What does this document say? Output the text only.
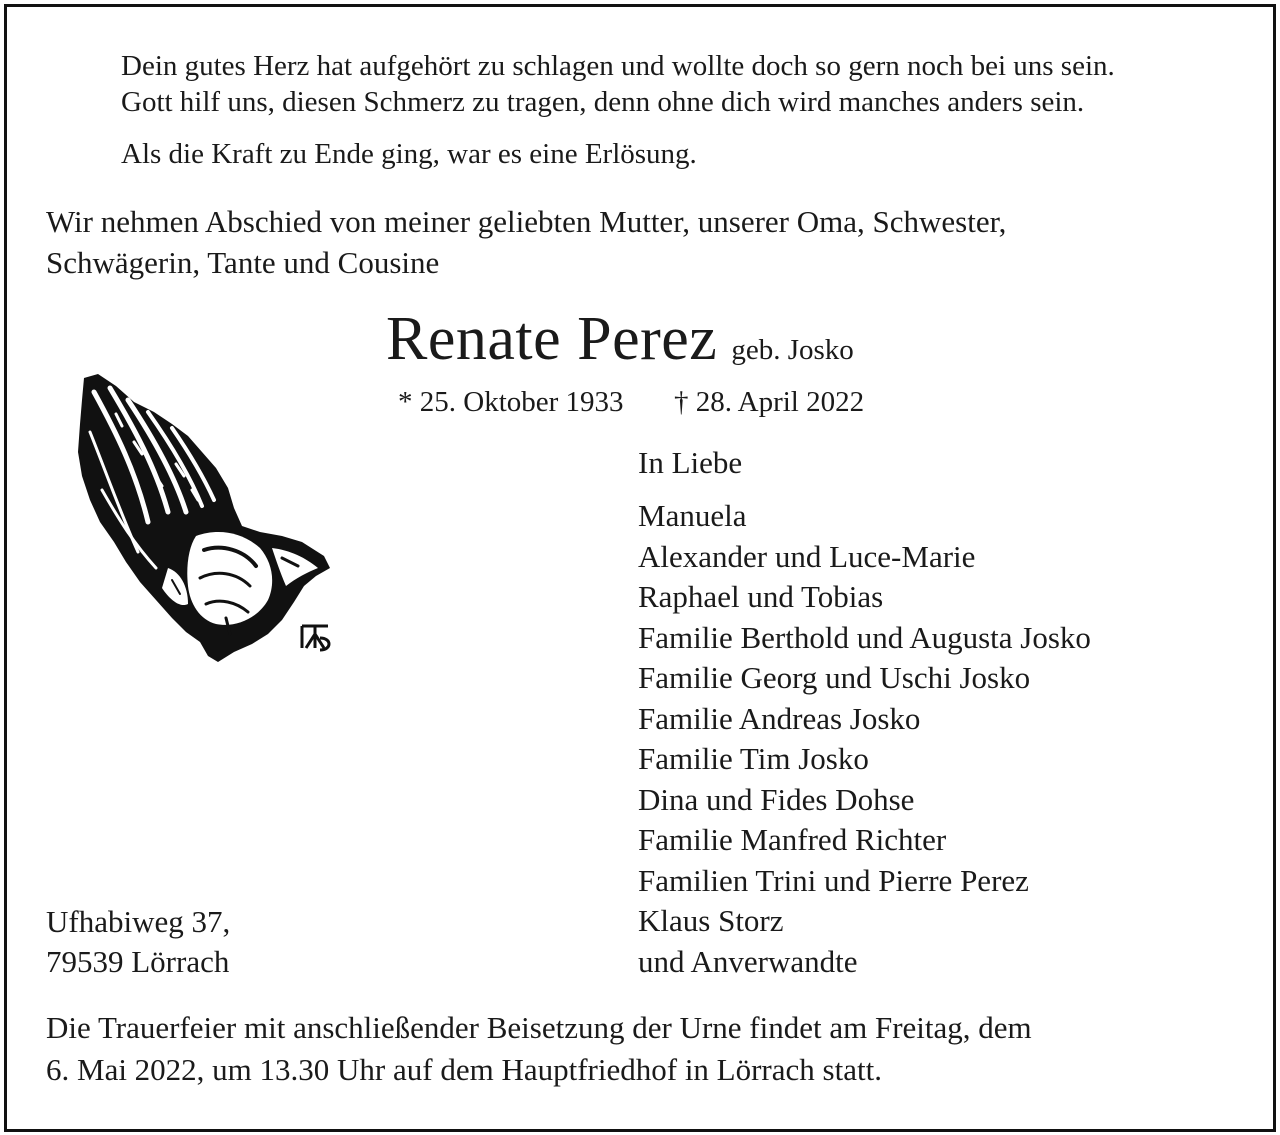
Dein gutes Herz hat aufgehört zu schlagen und wollte doch so gern noch bei uns sein.

Gott hilf uns, diesen Schmerz zu tragen, denn ohne dich wird manches anders sein.

Als die Kraft zu Ende ging, war es eine Erlösung.

Wir nehmen Abschied von meiner geliebten Mutter, unserer Oma, Schwester,

Schwägerin, Tante und Cousine

Renate Perez geb. Josko

* 25. Oktober 1933 † 28. April 2022

In Liebe

Manuela
Alexander und Luce-Marie
Raphael und Tobias
Familie Berthold und Augusta Josko
Familie Georg und Uschi Josko
Familie Andreas Josko
Familie Tim Josko
Dina und Fides Dohse
Familie Manfred Richter
Familien Trini und Pierre Perez
Klaus Storz
und Anverwandte

Ufhabiweg 37,

79539 Lörrach

Die Trauerfeier mit anschließender Beisetzung der Urne findet am Freitag, dem

6. Mai 2022, um 13.30 Uhr auf dem Hauptfriedhof in Lörrach statt.
